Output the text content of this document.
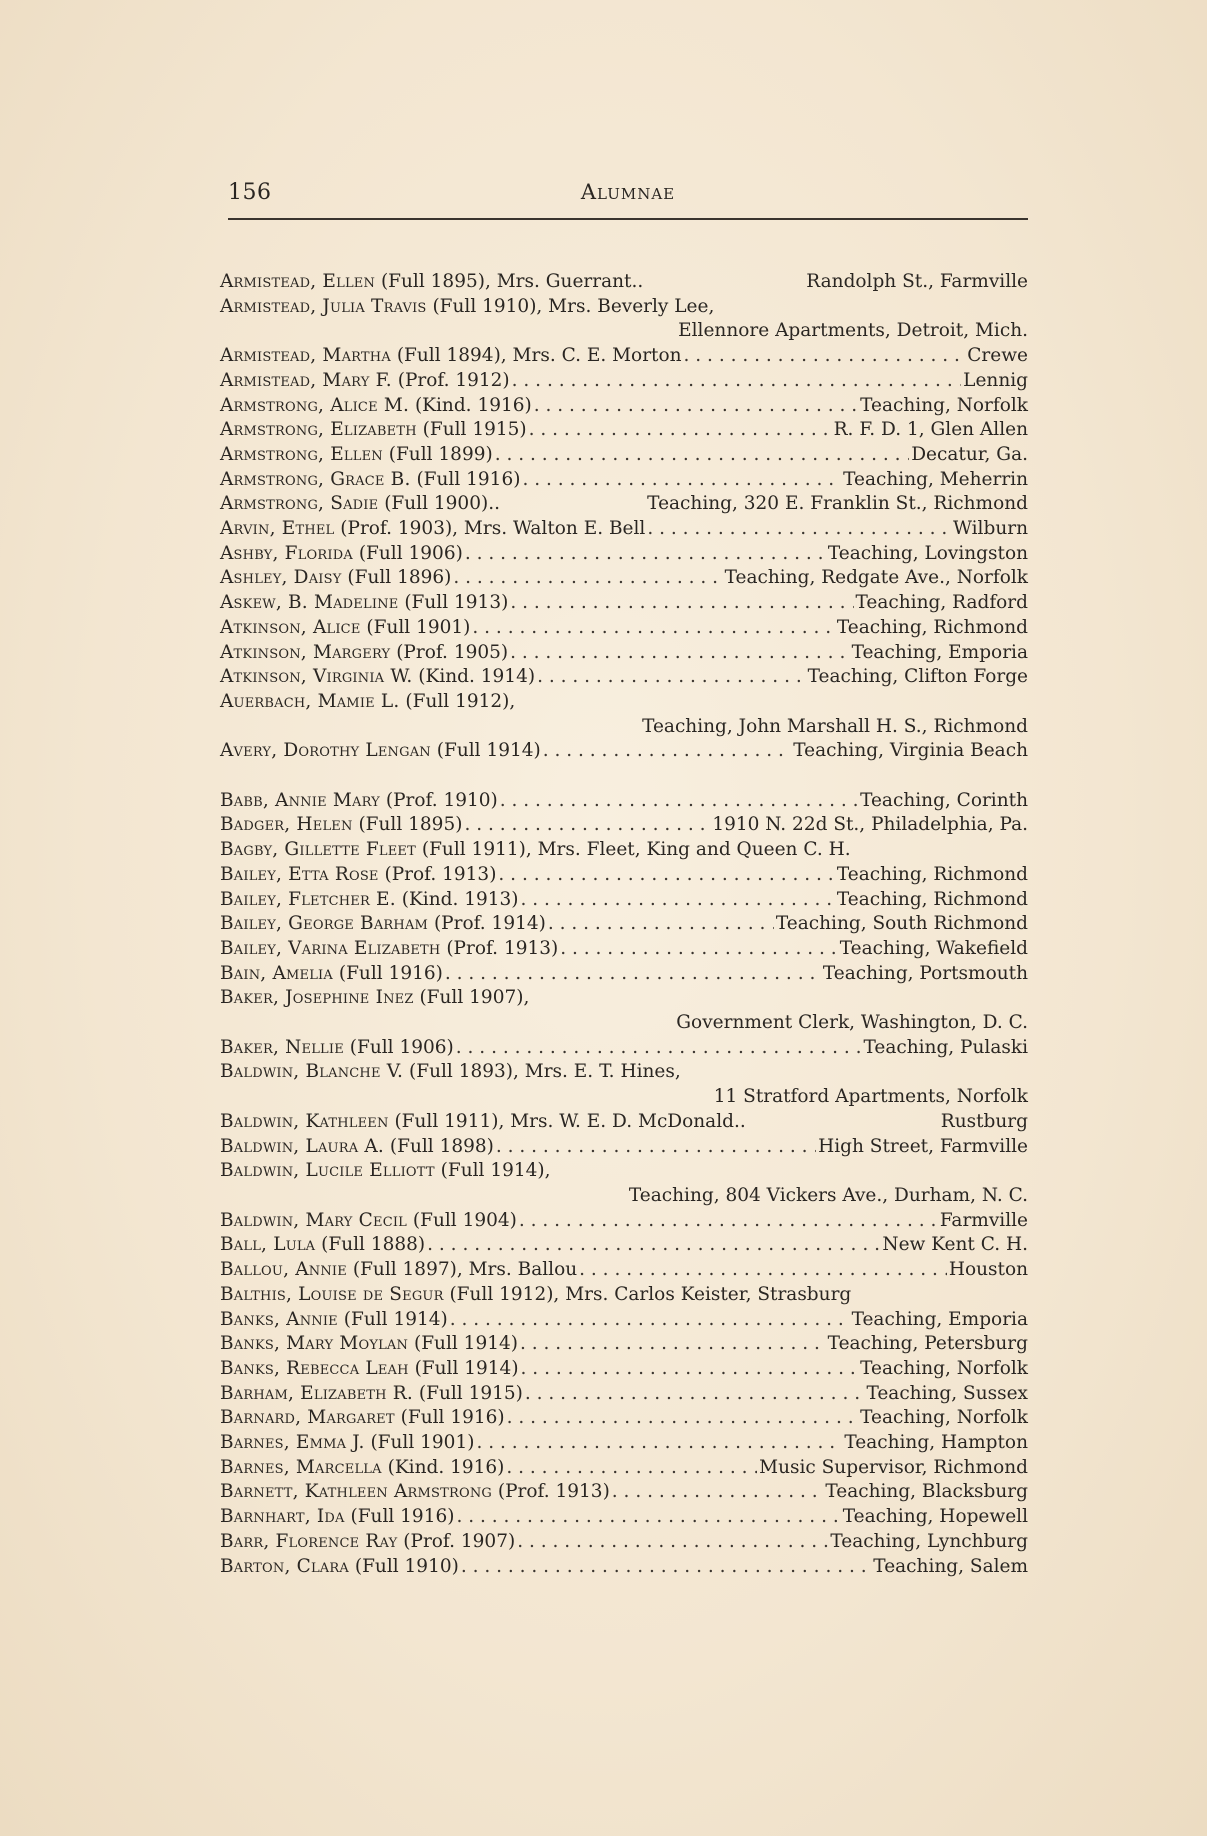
156	Alumnae
Armistead, Ellen (Full 1895), Mrs. Guerrant ..	Randolph St., Farmville
Armistead, Julia Travis (Full 1910), Mrs. Beverly Lee,
Ellennore Apartments, Detroit, Mich.
Armistead, Martha (Full 1894), Mrs. C. E. Morton . . .	Crewe
Armistead, Mary F. (Prof. 1912) . . .	Lennig
Armstrong, Alice M. (Kind. 1916) . . .	Teaching, Norfolk
Armstrong, Elizabeth (Full 1915) . . .	R. F. D. 1, Glen Allen
Armstrong, Ellen (Full 1899) . . .	Decatur, Ga.
Armstrong, Grace B. (Full 1916) . . .	Teaching, Meherrin
Armstrong, Sadie (Full 1900) ..	Teaching, 320 E. Franklin St., Richmond
Arvin, Ethel (Prof. 1903), Mrs. Walton E. Bell . . .	Wilburn
Ashby, Florida (Full 1906) . . .	Teaching, Lovingston
Ashley, Daisy (Full 1896) . . .	Teaching, Redgate Ave., Norfolk
Askew, B. Madeline (Full 1913) . . .	Teaching, Radford
Atkinson, Alice (Full 1901) . . .	Teaching, Richmond
Atkinson, Margery (Prof. 1905) . . .	Teaching, Emporia
Atkinson, Virginia W. (Kind. 1914) . . .	Teaching, Clifton Forge
Auerbach, Mamie L. (Full 1912),
Teaching, John Marshall H. S., Richmond
Avery, Dorothy Lengan (Full 1914) . . .	Teaching, Virginia Beach
Babb, Annie Mary (Prof. 1910) . . .	Teaching, Corinth
Badger, Helen (Full 1895) . . .	1910 N. 22d St., Philadelphia, Pa.
Bagby, Gillette Fleet (Full 1911), Mrs. Fleet, King and Queen C. H.
Bailey, Etta Rose (Prof. 1913) . . .	Teaching, Richmond
Bailey, Fletcher E. (Kind. 1913) . . .	Teaching, Richmond
Bailey, George Barham (Prof. 1914) . . .	Teaching, South Richmond
Bailey, Varina Elizabeth (Prof. 1913) . . .	Teaching, Wakefield
Bain, Amelia (Full 1916) . . .	Teaching, Portsmouth
Baker, Josephine Inez (Full 1907),
Government Clerk, Washington, D. C.
Baker, Nellie (Full 1906) . . .	Teaching, Pulaski
Baldwin, Blanche V. (Full 1893), Mrs. E. T. Hines,
11 Stratford Apartments, Norfolk
Baldwin, Kathleen (Full 1911), Mrs. W. E. D. McDonald ..	Rustburg
Baldwin, Laura A. (Full 1898) . . .	High Street, Farmville
Baldwin, Lucile Elliott (Full 1914),
Teaching, 804 Vickers Ave., Durham, N. C.
Baldwin, Mary Cecil (Full 1904) . . .	Farmville
Ball, Lula (Full 1888) . . .	New Kent C. H.
Ballou, Annie (Full 1897), Mrs. Ballou . . .	Houston
Balthis, Louise de Segur (Full 1912), Mrs. Carlos Keister, Strasburg
Banks, Annie (Full 1914) . . .	Teaching, Emporia
Banks, Mary Moylan (Full 1914) . . .	Teaching, Petersburg
Banks, Rebecca Leah (Full 1914) . . .	Teaching, Norfolk
Barham, Elizabeth R. (Full 1915) . . .	Teaching, Sussex
Barnard, Margaret (Full 1916) . . .	Teaching, Norfolk
Barnes, Emma J. (Full 1901) . . .	Teaching, Hampton
Barnes, Marcella (Kind. 1916) . . .	Music Supervisor, Richmond
Barnett, Kathleen Armstrong (Prof. 1913) . . .	Teaching, Blacksburg
Barnhart, Ida (Full 1916) . . .	Teaching, Hopewell
Barr, Florence Ray (Prof. 1907) . . .	Teaching, Lynchburg
Barton, Clara (Full 1910) . . .	Teaching, Salem
